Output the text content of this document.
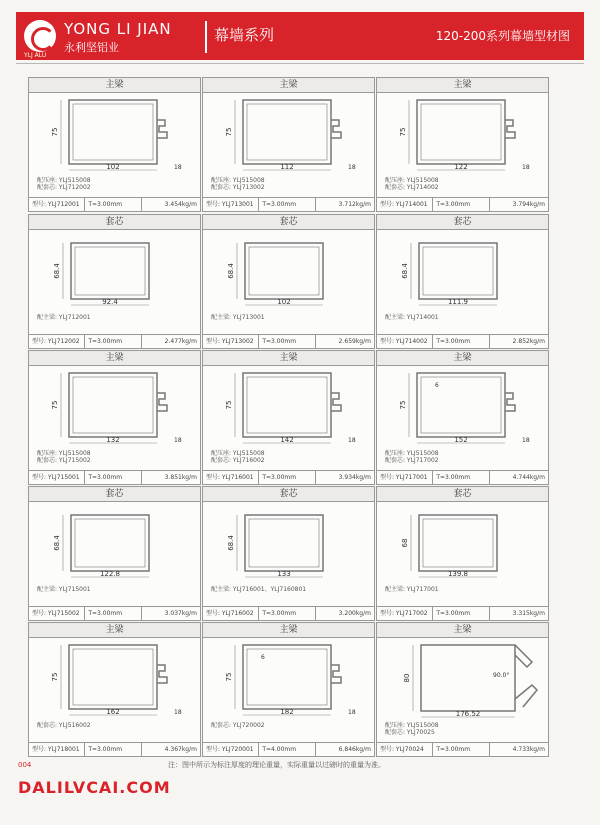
YONG LI JIAN
永利坚铝业
YLJ ALU
幕墙系列	120-200系列幕墙型材图
主梁
75
102	18
配压座: YLJ515008
配套芯: YLJ712002
型号: YLJ712001	T=3.00mm	3.454kg/m
主梁
75
112	18
配压座: YLJ515008
配套芯: YLJ713002
型号: YLJ713001	T=3.00mm	3.712kg/m
主梁
75
122	18
配压座: YLJ515008
配套芯: YLJ714002
型号: YLJ714001	T=3.00mm	3.794kg/m
套芯
68.4
92.4
配主梁: YLJ712001
型号: YLJ712002	T=3.00mm	2.477kg/m
套芯
68.4
102
配主梁: YLJ713001
型号: YLJ713002	T=3.00mm	2.659kg/m
套芯
68.4
111.9
配主梁: YLJ714001
型号: YLJ714002	T=3.00mm	2.852kg/m
主梁
75
132	18
配压座: YLJ515008
配套芯: YLJ715002
型号: YLJ715001	T=3.00mm	3.851kg/m
主梁
75
142	18
配压座: YLJ515008
配套芯: YLJ716002
型号: YLJ716001	T=3.00mm	3.934kg/m
主梁
75
152	18
6
配压座: YLJ515008
配套芯: YLJ717002
型号: YLJ717001	T=3.00mm	4.744kg/m
套芯
68.4
122.8
配主梁: YLJ715001
型号: YLJ715002	T=3.00mm	3.037kg/m
套芯
68.4
133
配主梁: YLJ716001、YLJ7160801
型号: YLJ716002	T=3.00mm	3.200kg/m
套芯
68
139.8
配主梁: YLJ717001
型号: YLJ717002	T=3.00mm	3.315kg/m
主梁
75
162	18
配套芯: YLJ516002
型号: YLJ718001	T=3.00mm	4.367kg/m
主梁
75
182	18
6
配套芯: YLJ720002
型号: YLJ720001	T=4.00mm	6.846kg/m
主梁
80
176.52
90.0°
配压座: YLJ515008
配套芯: YLJ70025
型号: YLJ70024	T=3.00mm	4.733kg/m
004	注：图中所示为标注厚度的理论重量，实际重量以过磅时的重量为准。
DALILVCAI.COM
